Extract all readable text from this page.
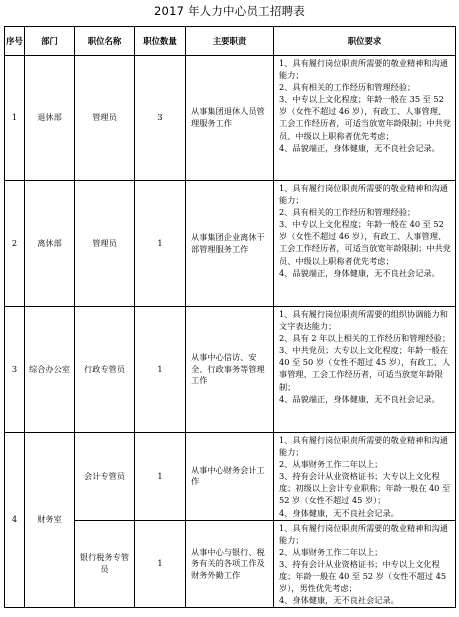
2017 年人力中心员工招聘表
序号	部门	职位名称	职位数量	主要职责	职位要求
1	退休部	管理员	3	从事集团退休人员管理服务工作	1、具有履行岗位职责所需要的敬业精神和沟通能力；
2、具有相关的工作经历和管理经验；
3、中专以上文化程度；年龄一般在 35 至 52 岁（女性不超过 46 岁），有政工、人事管理、工会工作经历者，可适当放宽年龄限制；中共党员、中级以上职称者优先考虑；
4、品貌端正，身体健康，无不良社会记录。

2	离休部	管理员	1	从事集团企业离休干部管理服务工作	1、具有履行岗位职责所需要的敬业精神和沟通能力；
2、具有相关的工作经历和管理经验；
3、中专以上文化程度；年龄一般在 40 至 52 岁（女性不超过 46 岁），有政工、人事管理、工会工作经历者，可适当放宽年龄限制；中共党员、中级以上职称者优先考虑；
4、品貌端正，身体健康，无不良社会记录。

3	综合办公室	行政专管员	1	从事中心信访、安全、行政事务等管理工作	1、具有履行岗位职责所需要的组织协调能力和文字表达能力；
2、具有 2 年以上相关的工作经历和管理经验；
3、中共党员；大专以上文化程度；年龄一般在 40 至 50 岁（女性不超过 45 岁），有政工、人事管理、工会工作经历者，可适当放宽年龄限制；
4、品貌端正，身体健康，无不良社会记录。

4	财务室	会计专管员	1	从事中心财务会计工作	1、具有履行岗位职责所需要的敬业精神和沟通能力；
2、从事财务工作二年以上；
3、持有会计从业资格证书；大专以上文化程度；初级以上会计专业职称；年龄一般在 40 至 52 岁（女性不超过 45 岁）；
4、身体健康，无不良社会记录。

		银行税务专管员	1	从事中心与银行、税务有关的各项工作及财务外勤工作	1、具有履行岗位职责所需要的敬业精神和沟通能力；
2、从事财务工作二年以上；
3、持有会计从业资格证书；中专以上文化程度；年龄一般在 40 至 52 岁（女性不超过 45 岁），男性优先考虑；
4、身体健康，无不良社会记录。
